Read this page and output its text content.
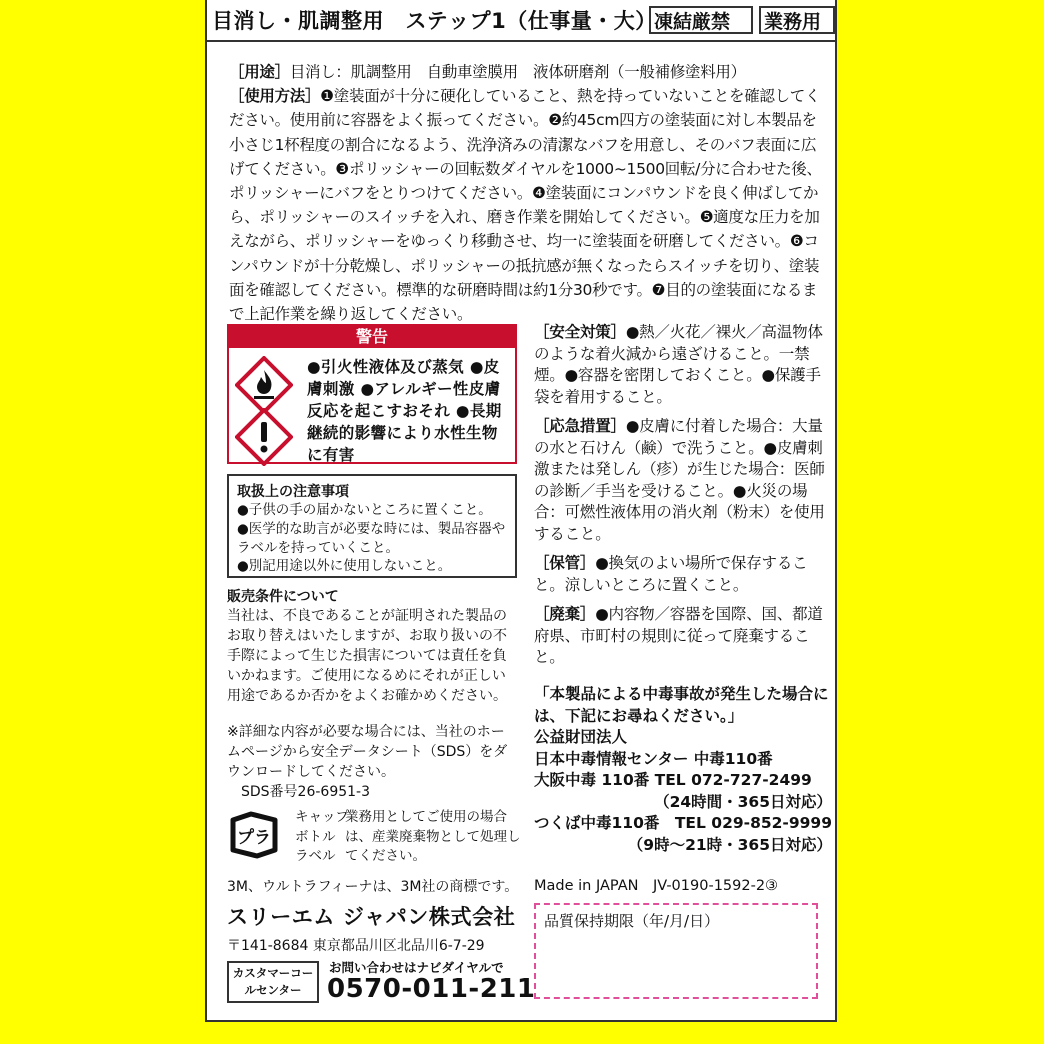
目消し・肌調整用　ステップ1（仕事量・大）
凍結厳禁	業務用

［用途］目消し：肌調整用　自動車塗膜用　液体研磨剤（一般補修塗料用）

［使用方法］❶塗装面が十分に硬化していること、熱を持っていないことを確認してください。使用前に容器をよく振ってください。❷約45cm四方の塗装面に対し本製品を小さじ1杯程度の割合になるよう、洗浄済みの清潔なバフを用意し、そのバフ表面に広げてください。❸ポリッシャーの回転数ダイヤルを1000~1500回転/分に合わせた後、ポリッシャーにバフをとりつけてください。❹塗装面にコンパウンドを良く伸ばしてから、ポリッシャーのスイッチを入れ、磨き作業を開始してください。❺適度な圧力を加えながら、ポリッシャーをゆっくり移動させ、均一に塗装面を研磨してください。❻コンパウンドが十分乾燥し、ポリッシャーの抵抗感が無くなったらスイッチを切り、塗装面を確認してください。標準的な研磨時間は約1分30秒です。❼目的の塗装面になるまで上記作業を繰り返してください。

警告
●引火性液体及び蒸気 ●皮膚刺激 ●アレルギー性皮膚反応を起こすおそれ ●長期継続的影響により水性生物に有害
取扱上の注意事項

●子供の手の届かないところに置くこと。

●医学的な助言が必要な時には、製品容器やラベルを持っていくこと。

●別記用途以外に使用しないこと。

販売条件について
当社は、不良であることが証明された製品のお取り替えはいたしますが、お取り扱いの不手際によって生じた損害については責任を負いかねます。ご使用になるめにそれが正しい用途であるか否かをよくお確かめください。

※詳細な内容が必要な場合には、当社のホームページから安全データシート（SDS）をダウンロードしてください。

SDS番号26-6951-3

プラ

キャップ

ボトル

ラベル

業務用としてご使用の場合は、産業廃棄物として処理してください。
3M、ウルトラフィーナは、3M社の商標です。
スリーエム ジャパン株式会社
〒141-8684 東京都品川区北品川6-7-29
カスタマーコールセンター
お問い合わせはナビダイヤルで
0570-011-211

［安全対策］●熱／火花／裸火／高温物体のような着火減から遠ざけること。一禁煙。●容器を密閉しておくこと。●保護手袋を着用すること。

［応急措置］●皮膚に付着した場合：大量の水と石けん（鹸）で洗うこと。●皮膚刺激または発しん（疹）が生じた場合：医師の診断／手当を受けること。●火災の場合：可燃性液体用の消火剤（粉末）を使用すること。

［保管］●換気のよい場所で保存すること。涼しいところに置くこと。

［廃棄］●内容物／容器を国際、国、都道府県、市町村の規則に従って廃棄すること。

「本製品による中毒事故が発生した場合には、下記にお尋ねください。」

公益財団法人

日本中毒情報センター 中毒110番

大阪中毒 110番 TEL 072-727-2499

（24時間・365日対応）

つくば中毒110番　TEL 029-852-9999

（9時〜21時・365日対応）

Made in JAPAN　JV-0190-1592-2③
品質保持期限（年/月/日）
